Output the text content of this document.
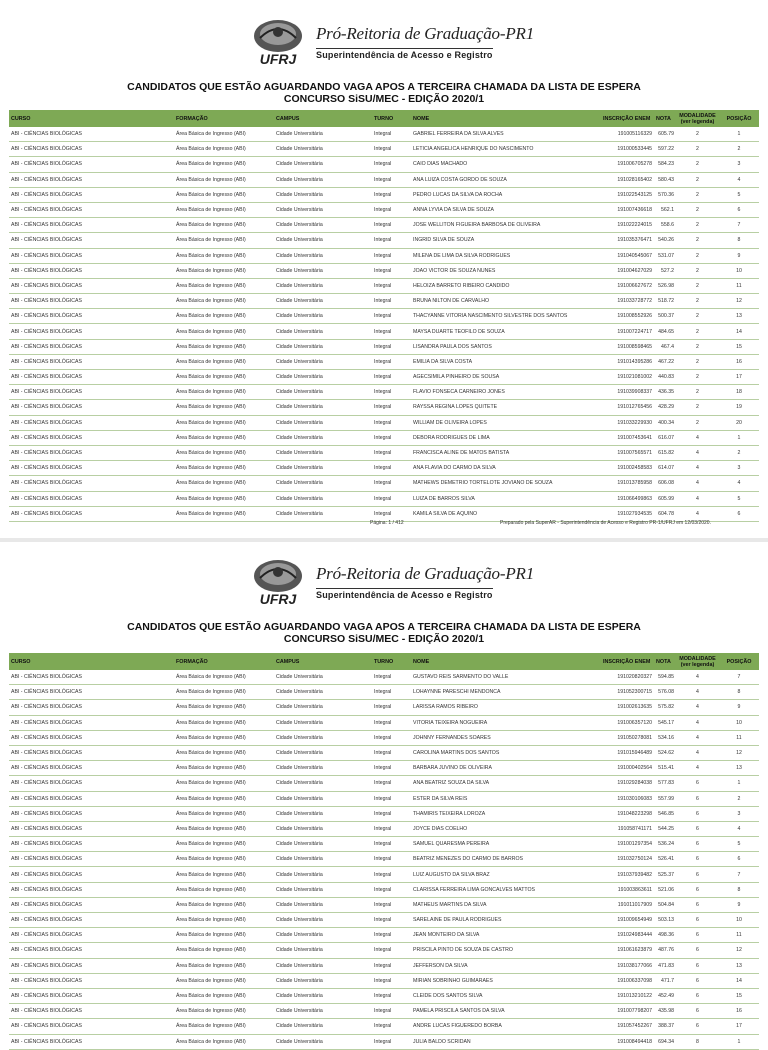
UFRJ
Pró-Reitoria de Graduação-PR1
Superintendência de Acesso e Registro
CANDIDATOS QUE ESTÃO AGUARDANDO VAGA APOS A TERCEIRA CHAMADA DA LISTA DE ESPERA
CONCURSO SiSU/MEC - EDIÇÃO 2020/1
CURSO	FORMAÇÃO	CAMPUS	TURNO	NOME	INSCRIÇÃO ENEM	NOTA	MODALIDADE
(ver legenda)	POSIÇÃO
ABI - CIÊNCIAS BIOLÓGICAS	Área Básica de Ingresso (ABI)	Cidade Universitária	Integral	GABRIEL FERREIRA DA SILVA ALVES	191005116329	605.79	2	1
ABI - CIÊNCIAS BIOLÓGICAS	Área Básica de Ingresso (ABI)	Cidade Universitária	Integral	LETICIA ANGELICA HENRIQUE DO NASCIMENTO	191000533445	597.22	2	2
ABI - CIÊNCIAS BIOLÓGICAS	Área Básica de Ingresso (ABI)	Cidade Universitária	Integral	CAIO DIAS MACHADO	191006705278	584.23	2	3
ABI - CIÊNCIAS BIOLÓGICAS	Área Básica de Ingresso (ABI)	Cidade Universitária	Integral	ANA LUIZA COSTA GORDO DE SOUZA	191028165402	580.43	2	4
ABI - CIÊNCIAS BIOLÓGICAS	Área Básica de Ingresso (ABI)	Cidade Universitária	Integral	PEDRO LUCAS DA SILVA DA ROCHA	191022543125	570.36	2	5
ABI - CIÊNCIAS BIOLÓGICAS	Área Básica de Ingresso (ABI)	Cidade Universitária	Integral	ANNA LYVIA DA SILVA DE SOUZA	191007436618	562.1	2	6
ABI - CIÊNCIAS BIOLÓGICAS	Área Básica de Ingresso (ABI)	Cidade Universitária	Integral	JOSE WELLITON FIGUEIRA BARBOSA DE OLIVEIRA	191022224015	558.6	2	7
ABI - CIÊNCIAS BIOLÓGICAS	Área Básica de Ingresso (ABI)	Cidade Universitária	Integral	INGRID SILVA DE SOUZA	191035376471	540.26	2	8
ABI - CIÊNCIAS BIOLÓGICAS	Área Básica de Ingresso (ABI)	Cidade Universitária	Integral	MILENA DE LIMA DA SILVA RODRIGUES	191040545067	531.07	2	9
ABI - CIÊNCIAS BIOLÓGICAS	Área Básica de Ingresso (ABI)	Cidade Universitária	Integral	JOAO VICTOR DE SOUZA NUNES	191004627029	527.2	2	10
ABI - CIÊNCIAS BIOLÓGICAS	Área Básica de Ingresso (ABI)	Cidade Universitária	Integral	HELOIZA BARRETO RIBEIRO CANDIDO	191006627672	526.98	2	11
ABI - CIÊNCIAS BIOLÓGICAS	Área Básica de Ingresso (ABI)	Cidade Universitária	Integral	BRUNA NILTON DE CARVALHO	191033728772	518.72	2	12
ABI - CIÊNCIAS BIOLÓGICAS	Área Básica de Ingresso (ABI)	Cidade Universitária	Integral	THACYANNE VITORIA NASCIMENTO SILVESTRE DOS SANTOS	191008552926	500.37	2	13
ABI - CIÊNCIAS BIOLÓGICAS	Área Básica de Ingresso (ABI)	Cidade Universitária	Integral	MAYSA DUARTE TEOFILO DE SOUZA	191007224717	484.65	2	14
ABI - CIÊNCIAS BIOLÓGICAS	Área Básica de Ingresso (ABI)	Cidade Universitária	Integral	LISANDRA PAULA DOS SANTOS	191008598465	467.4	2	15
ABI - CIÊNCIAS BIOLÓGICAS	Área Básica de Ingresso (ABI)	Cidade Universitária	Integral	EMILIA DA SILVA COSTA	191014395286	467.22	2	16
ABI - CIÊNCIAS BIOLÓGICAS	Área Básica de Ingresso (ABI)	Cidade Universitária	Integral	AGECSIMILA PINHEIRO DE SOUSA	191021081002	440.83	2	17
ABI - CIÊNCIAS BIOLÓGICAS	Área Básica de Ingresso (ABI)	Cidade Universitária	Integral	FLAVIO FONSECA CARNEIRO JONES	191039908337	436.35	2	18
ABI - CIÊNCIAS BIOLÓGICAS	Área Básica de Ingresso (ABI)	Cidade Universitária	Integral	RAYSSA REGINA LOPES QUITETE	191012765456	428.29	2	19
ABI - CIÊNCIAS BIOLÓGICAS	Área Básica de Ingresso (ABI)	Cidade Universitária	Integral	WILLIAM DE OLIVEIRA LOPES	191033229930	400.34	2	20
ABI - CIÊNCIAS BIOLÓGICAS	Área Básica de Ingresso (ABI)	Cidade Universitária	Integral	DEBORA RODRIGUES DE LIMA	191007453641	616.07	4	1
ABI - CIÊNCIAS BIOLÓGICAS	Área Básica de Ingresso (ABI)	Cidade Universitária	Integral	FRANCISCA ALINE DE MATOS BATISTA	191007565571	615.82	4	2
ABI - CIÊNCIAS BIOLÓGICAS	Área Básica de Ingresso (ABI)	Cidade Universitária	Integral	ANA FLAVIA DO CARMO DA SILVA	191002458583	614.07	4	3
ABI - CIÊNCIAS BIOLÓGICAS	Área Básica de Ingresso (ABI)	Cidade Universitária	Integral	MATHEWS DEMETRIO TORTELOTE JOVIANO DE SOUZA	191013785958	606.08	4	4
ABI - CIÊNCIAS BIOLÓGICAS	Área Básica de Ingresso (ABI)	Cidade Universitária	Integral	LUIZA DE BARROS SILVA	191066499863	605.99	4	5
ABI - CIÊNCIAS BIOLÓGICAS	Área Básica de Ingresso (ABI)	Cidade Universitária	Integral	KAMILA SILVA DE AQUINO	191027934535	604.78	4	6
Página: 1 / 412	Preparado pela SuperAR - Superintendência de Acesso e Registro PR-1/UFRJ em 12/03/2020.
UFRJ
Pró-Reitoria de Graduação-PR1
Superintendência de Acesso e Registro
CANDIDATOS QUE ESTÃO AGUARDANDO VAGA APOS A TERCEIRA CHAMADA DA LISTA DE ESPERA
CONCURSO SiSU/MEC - EDIÇÃO 2020/1
CURSO	FORMAÇÃO	CAMPUS	TURNO	NOME	INSCRIÇÃO ENEM	NOTA	MODALIDADE
(ver legenda)	POSIÇÃO
ABI - CIÊNCIAS BIOLÓGICAS	Área Básica de Ingresso (ABI)	Cidade Universitária	Integral	GUSTAVO REIS SARMENTO DO VALLE	191020820327	594.85	4	7
ABI - CIÊNCIAS BIOLÓGICAS	Área Básica de Ingresso (ABI)	Cidade Universitária	Integral	LOHAYNNE PARESCHI MENDONCA	191052300715	576.08	4	8
ABI - CIÊNCIAS BIOLÓGICAS	Área Básica de Ingresso (ABI)	Cidade Universitária	Integral	LARISSA RAMOS RIBEIRO	191002613635	575.82	4	9
ABI - CIÊNCIAS BIOLÓGICAS	Área Básica de Ingresso (ABI)	Cidade Universitária	Integral	VITORIA TEIXEIRA NOGUEIRA	191006357120	545.17	4	10
ABI - CIÊNCIAS BIOLÓGICAS	Área Básica de Ingresso (ABI)	Cidade Universitária	Integral	JOHNNY FERNANDES SOARES	191050278081	534.16	4	11
ABI - CIÊNCIAS BIOLÓGICAS	Área Básica de Ingresso (ABI)	Cidade Universitária	Integral	CAROLINA MARTINS DOS SANTOS	191015946489	524.62	4	12
ABI - CIÊNCIAS BIOLÓGICAS	Área Básica de Ingresso (ABI)	Cidade Universitária	Integral	BARBARA JUVINO DE OLIVEIRA	191000402564	515.41	4	13
ABI - CIÊNCIAS BIOLÓGICAS	Área Básica de Ingresso (ABI)	Cidade Universitária	Integral	ANA BEATRIZ SOUZA DA SILVA	191029284038	577.83	6	1
ABI - CIÊNCIAS BIOLÓGICAS	Área Básica de Ingresso (ABI)	Cidade Universitária	Integral	ESTER DA SILVA REIS	191030106083	557.99	6	2
ABI - CIÊNCIAS BIOLÓGICAS	Área Básica de Ingresso (ABI)	Cidade Universitária	Integral	THAMIRIS TEIXEIRA LOROZA	191048223298	546.85	6	3
ABI - CIÊNCIAS BIOLÓGICAS	Área Básica de Ingresso (ABI)	Cidade Universitária	Integral	JOYCE DIAS COELHO	191058741171	544.25	6	4
ABI - CIÊNCIAS BIOLÓGICAS	Área Básica de Ingresso (ABI)	Cidade Universitária	Integral	SAMUEL QUARESMA PEREIRA	191001297354	536.24	6	5
ABI - CIÊNCIAS BIOLÓGICAS	Área Básica de Ingresso (ABI)	Cidade Universitária	Integral	BEATRIZ MENEZES DO CARMO DE BARROS	191032750124	526.41	6	6
ABI - CIÊNCIAS BIOLÓGICAS	Área Básica de Ingresso (ABI)	Cidade Universitária	Integral	LUIZ AUGUSTO DA SILVA BRAZ	191037939482	525.37	6	7
ABI - CIÊNCIAS BIOLÓGICAS	Área Básica de Ingresso (ABI)	Cidade Universitária	Integral	CLARISSA FERREIRA LIMA GONCALVES MATTOS	191003863611	521.06	6	8
ABI - CIÊNCIAS BIOLÓGICAS	Área Básica de Ingresso (ABI)	Cidade Universitária	Integral	MATHEUS MARTINS DA SILVA	191011017909	504.84	6	9
ABI - CIÊNCIAS BIOLÓGICAS	Área Básica de Ingresso (ABI)	Cidade Universitária	Integral	SARELAINE DE PAULA RODRIGUES	191009654949	503.13	6	10
ABI - CIÊNCIAS BIOLÓGICAS	Área Básica de Ingresso (ABI)	Cidade Universitária	Integral	JEAN MONTEIRO DA SILVA	191024983444	498.36	6	11
ABI - CIÊNCIAS BIOLÓGICAS	Área Básica de Ingresso (ABI)	Cidade Universitária	Integral	PRISCILA PINTO DE SOUZA DE CASTRO	191061623879	487.76	6	12
ABI - CIÊNCIAS BIOLÓGICAS	Área Básica de Ingresso (ABI)	Cidade Universitária	Integral	JEFFERSON DA SILVA	191038177066	471.83	6	13
ABI - CIÊNCIAS BIOLÓGICAS	Área Básica de Ingresso (ABI)	Cidade Universitária	Integral	MIRIAN SOBRINHO GUIMARAES	191006337098	471.7	6	14
ABI - CIÊNCIAS BIOLÓGICAS	Área Básica de Ingresso (ABI)	Cidade Universitária	Integral	CLEIDE DOS SANTOS SILVA	191013210122	452.49	6	15
ABI - CIÊNCIAS BIOLÓGICAS	Área Básica de Ingresso (ABI)	Cidade Universitária	Integral	PAMELA PRISCILA SANTOS DA SILVA	191007798207	435.98	6	16
ABI - CIÊNCIAS BIOLÓGICAS	Área Básica de Ingresso (ABI)	Cidade Universitária	Integral	ANDRE LUCAS FIGUEREDO BORBA	191057452267	388.37	6	17
ABI - CIÊNCIAS BIOLÓGICAS	Área Básica de Ingresso (ABI)	Cidade Universitária	Integral	JULIA BALDO SCRIDAN	191008494418	694.34	8	1
